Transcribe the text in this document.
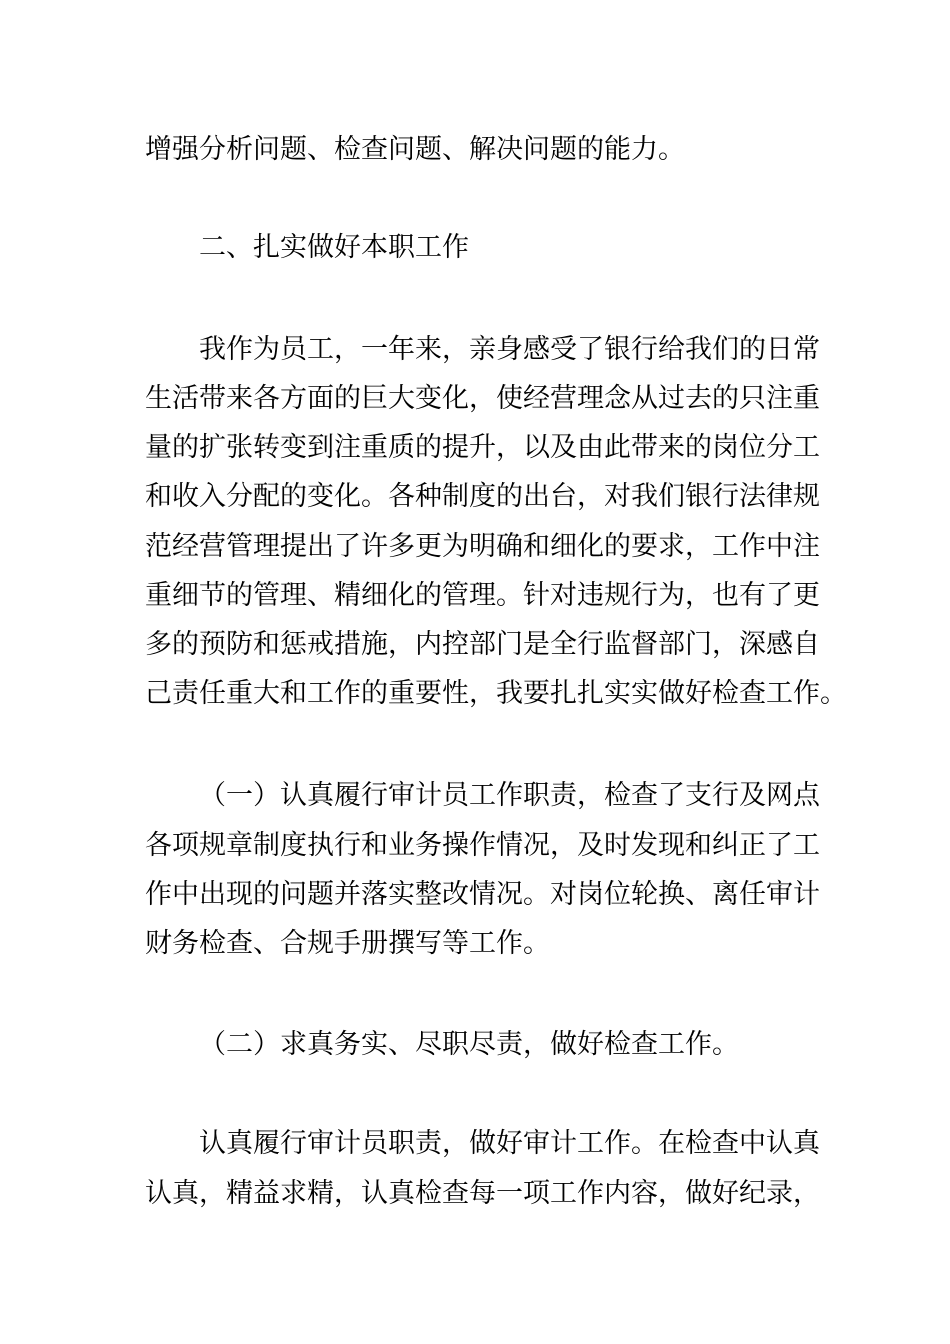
增强分析问题、检查问题、解决问题的能力。
二、扎实做好本职工作
我作为员工，一年来，亲身感受了银行给我们的日常
生活带来各方面的巨大变化，使经营理念从过去的只注重
量的扩张转变到注重质的提升，以及由此带来的岗位分工
和收入分配的变化。各种制度的出台，对我们银行法律规
范经营管理提出了许多更为明确和细化的要求，工作中注
重细节的管理、精细化的管理。针对违规行为，也有了更
多的预防和惩戒措施，内控部门是全行监督部门，深感自
己责任重大和工作的重要性，我要扎扎实实做好检查工作。
（一）认真履行审计员工作职责，检查了支行及网点
各项规章制度执行和业务操作情况，及时发现和纠正了工
作中出现的问题并落实整改情况。对岗位轮换、离任审计
财务检查、合规手册撰写等工作。
（二）求真务实、尽职尽责，做好检查工作。
认真履行审计员职责，做好审计工作。在检查中认真
认真，精益求精，认真检查每一项工作内容，做好纪录，
